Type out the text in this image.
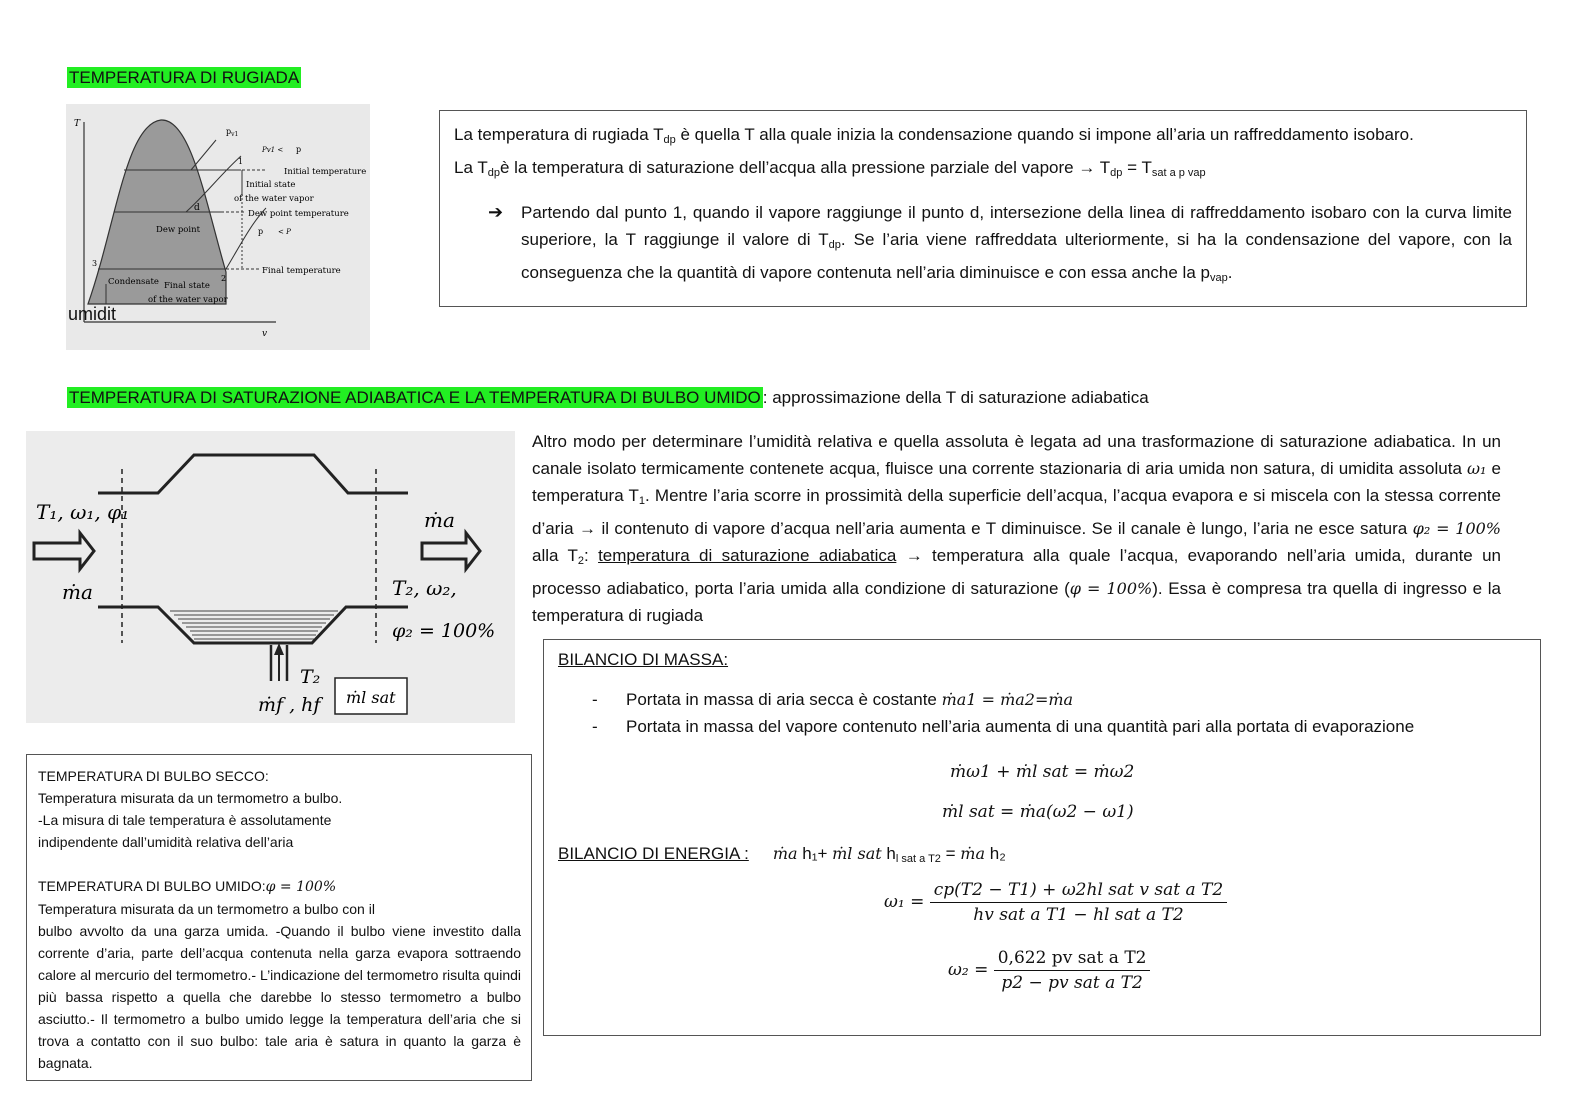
TEMPERATURA DI RUGIADA
T
v
$p_{v1}$
Pv1 < p
1
d
2
3
Initial temperature
Initial state
of the water vapor
Dew point temperature
Dew point	p < P
Final temperature
Condensate Final state
of the water vapor
umidit
La temperatura di rugiada $T_{dp}$ è quella T alla quale inizia la condensazione quando si impone all’aria un raffreddamento isobaro.
La $T_{dp}è$ la temperatura di saturazione dell’acqua alla pressione parziale del vapore → $T_{dp} = T_{sat a p vap}$
➔	Partendo dal punto 1, quando il vapore raggiunge il punto d, intersezione della linea di raffreddamento isobaro con la curva limite superiore, la T raggiunge il valore di $T_{dp}$. Se l’aria viene raffreddata ulteriormente, si ha la condensazione del vapore, con la conseguenza che la quantità di vapore contenuta nell’aria diminuisce e con essa anche la $p_{vap}$.
TEMPERATURA DI SATURAZIONE ADIABATICA E LA TEMPERATURA DI BULBO UMIDO : approssimazione della T di saturazione adiabatica
T₁, ω₁, φ₁
ṁa
ṁa
T₂, ω₂,
φ₂ = 100%
T₂
ṁf , hf ṁl sat
Altro modo per determinare l’umidità relativa e quella assoluta è legata ad una trasformazione di saturazione adiabatica. In un canale isolato termicamente contenete acqua, fluisce una corrente stazionaria di aria umida non satura, di umidita assoluta ω₁ e temperatura $T_1$. Mentre l’aria scorre in prossimità della superficie dell’acqua, l’acqua evapora e si miscela con la stessa corrente d’aria → il contenuto di vapore d’acqua nell’aria aumenta e T diminuisce. Se il canale è lungo, l’aria ne esce satura φ₂ = 100% alla $T_2$: temperatura di saturazione adiabatica → temperatura alla quale l’acqua, evaporando nell’aria umida, durante un processo adiabatico, porta l’aria umida alla condizione di saturazione (φ = 100%). Essa è compresa tra quella di ingresso e la temperatura di rugiada
TEMPERATURA DI BULBO SECCO:
Temperatura misurata da un termometro a bulbo.
-La misura di tale temperatura è assolutamente
indipendente dall’umidità relativa dell’aria
TEMPERATURA DI BULBO UMIDO:φ = 100%
Temperatura misurata da un termometro a bulbo con il
bulbo avvolto da una garza umida. -Quando il bulbo viene investito dalla corrente d’aria, parte dell’acqua contenuta nella garza evapora sottraendo calore al mercurio del termometro.- L’indicazione del termometro risulta quindi più bassa rispetto a quella che darebbe lo stesso termometro a bulbo asciutto.- Il termometro a bulbo umido legge la temperatura dell’aria che si trova a contatto con il suo bulbo: tale aria è satura in quanto la garza è bagnata.
BILANCIO DI MASSA:
- Portata in massa di aria secca è costante ṁa1 = ṁa2=ṁa
- Portata in massa del vapore contenuto nell’aria aumenta di una quantità pari alla portata di evaporazione
ṁω1 + ṁl sat = ṁω2
ṁl sat = ṁa(ω2 − ω1)
BILANCIO DI ENERGIA : ṁa h₁+ ṁl sat $h_{l sat a T2}$ = ṁa h₂
$\omega_1 = \frac{\text{cp(T2 − T1) + ω2hl sat v sat a T2}}{\text{hv sat a T1 − hl sat a T2}}$
$\omega_2 = \frac{\text{0,622 pv sat a T2}}{\text{p2 − pv sat a T2}}$
